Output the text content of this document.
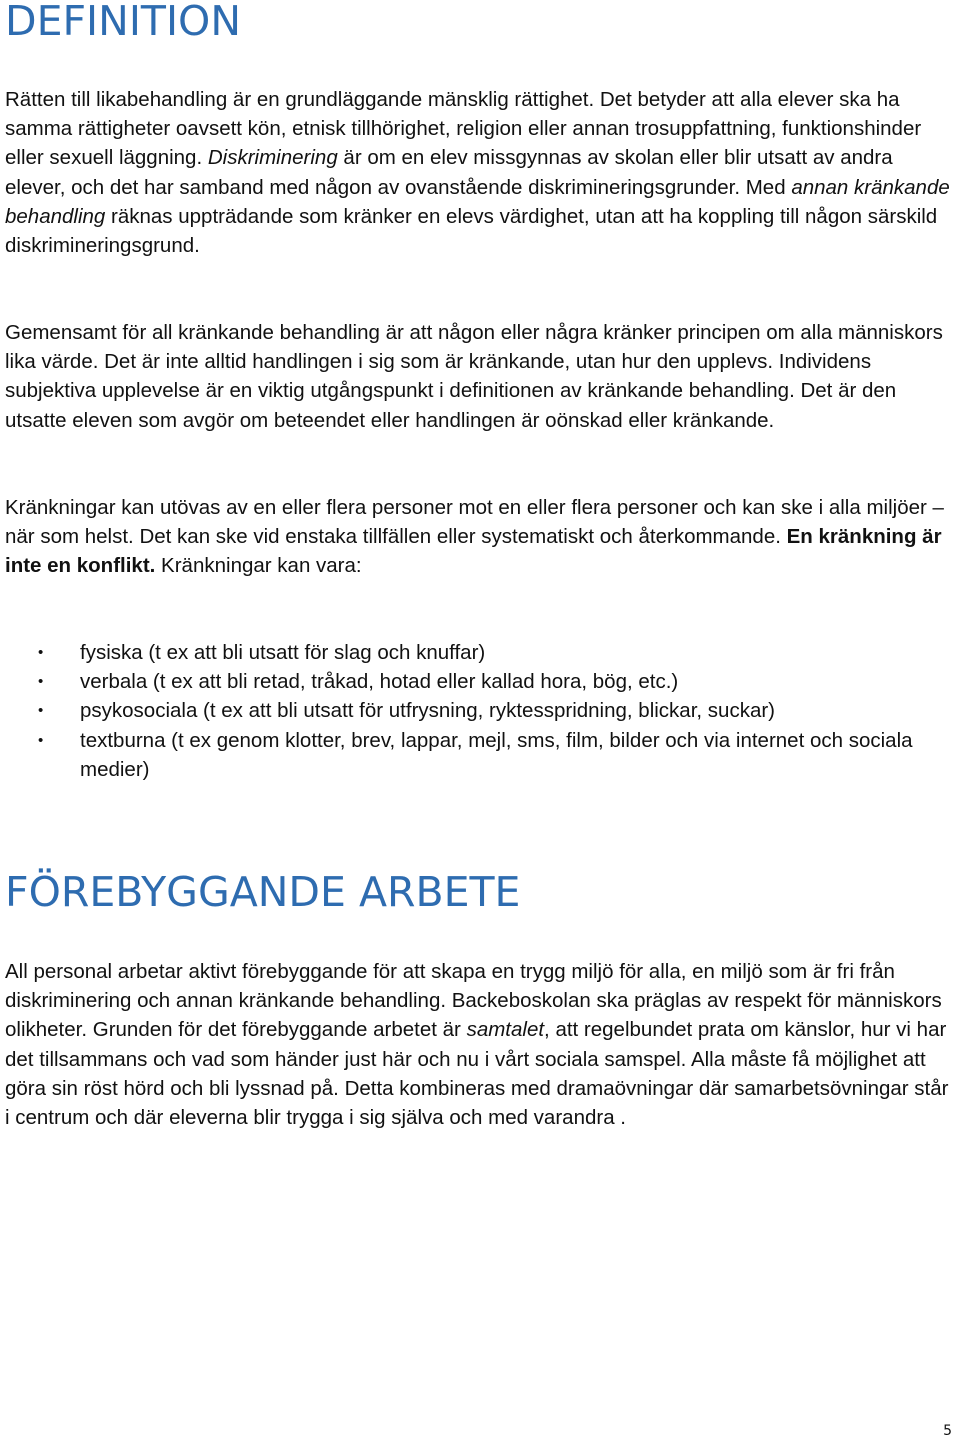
DEFINITION

Rätten till likabehandling är en grundläggande mänsklig rättighet. Det betyder att alla elever ska ha samma rättigheter oavsett kön, etnisk tillhörighet, religion eller annan trosuppfattning, funktionshinder eller sexuell läggning. Diskriminering är om en elev missgynnas av skolan eller blir utsatt av andra elever, och det har samband med någon av ovanstående diskrimineringsgrunder. Med annan kränkande behandling räknas uppträdande som kränker en elevs värdighet, utan att ha koppling till någon särskild diskrimineringsgrund.

Gemensamt för all kränkande behandling är att någon eller några kränker principen om alla människors lika värde. Det är inte alltid handlingen i sig som är kränkande, utan hur den upplevs. Individens subjektiva upplevelse är en viktig utgångspunkt i definitionen av kränkande behandling. Det är den utsatte eleven som avgör om beteendet eller handlingen är oönskad eller kränkande.

Kränkningar kan utövas av en eller flera personer mot en eller flera personer och kan ske i alla miljöer – när som helst. Det kan ske vid enstaka tillfällen eller systematiskt och återkommande. En kränkning är inte en konflikt. Kränkningar kan vara:

• fysiska (t ex att bli utsatt för slag och knuffar)
• verbala (t ex att bli retad, tråkad, hotad eller kallad hora, bög, etc.)
• psykosociala (t ex att bli utsatt för utfrysning, ryktesspridning, blickar, suckar)
• textburna (t ex genom klotter, brev, lappar, mejl, sms, film, bilder och via internet och sociala medier)
FÖREBYGGANDE ARBETE

All personal arbetar aktivt förebyggande för att skapa en trygg miljö för alla, en miljö som är fri från diskriminering och annan kränkande behandling. Backeboskolan ska präglas av respekt för människors olikheter. Grunden för det förebyggande arbetet är samtalet, att regelbundet prata om känslor, hur vi har det tillsammans och vad som händer just här och nu i vårt sociala samspel. Alla måste få möjlighet att göra sin röst hörd och bli lyssnad på. Detta kombineras med dramaövningar där samarbetsövningar står i centrum och där eleverna blir trygga i sig själva och med varandra .

5
